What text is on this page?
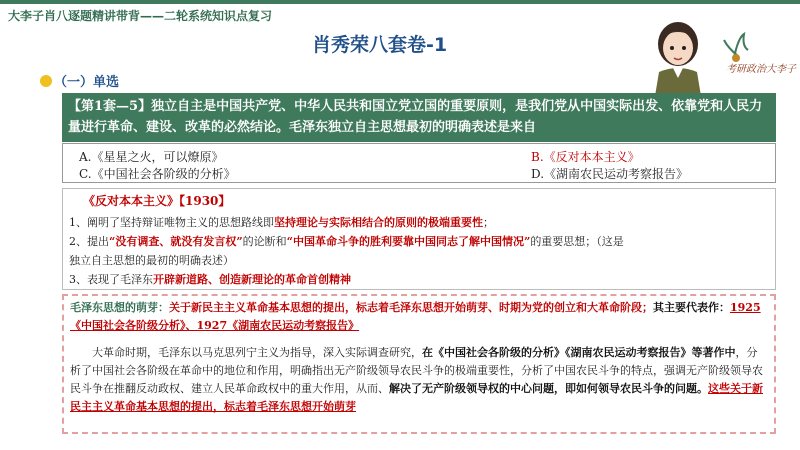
大李子肖八逐题精讲带背——二轮系统知识点复习
肖秀荣八套卷-1
考研政治大李子
（一）单选
【第1套—5】独立自主是中国共产党、中华人民共和国立党立国的重要原则，是我们党从中国实际出发、依靠党和人民力量进行革命、建设、改革的必然结论。毛泽东独立自主思想最初的明确表述是来自
A.《星星之火，可以燎原》	B.《反对本本主义》
C.《中国社会各阶级的分析》	D.《湖南农民运动考察报告》
《反对本本主义》【1930】
1、阐明了坚持辩证唯物主义的思想路线即坚持理论与实际相结合的原则的极端重要性；
2、提出“没有调查、就没有发言权”的论断和“中国革命斗争的胜利要靠中国同志了解中国情况”的重要思想；（这是
独立自主思想的最初的明确表述）
3、表现了毛泽东开辟新道路、创造新理论的革命首创精神
毛泽东思想的萌芽：关于新民主主义革命基本思想的提出，标志着毛泽东思想开始萌芽、时期为党的创立和大革命阶段；其主要代表作：1925《中国社会各阶级分析》、1927《湖南农民运动考察报告》
大革命时期，毛泽东以马克思列宁主义为指导，深入实际调查研究，在《中国社会各阶级的分析》《湖南农民运动考察报告》等著作中，分析了中国社会各阶级在革命中的地位和作用，明确指出无产阶级领导农民斗争的极端重要性，分析了中国农民斗争的特点，强调无产阶级领导农民斗争在推翻反动政权、建立人民革命政权中的重大作用，从而、解决了无产阶级领导权的中心问题，即如何领导农民斗争的问题。这些关于新民主主义革命基本思想的提出，标志着毛泽东思想开始萌芽
